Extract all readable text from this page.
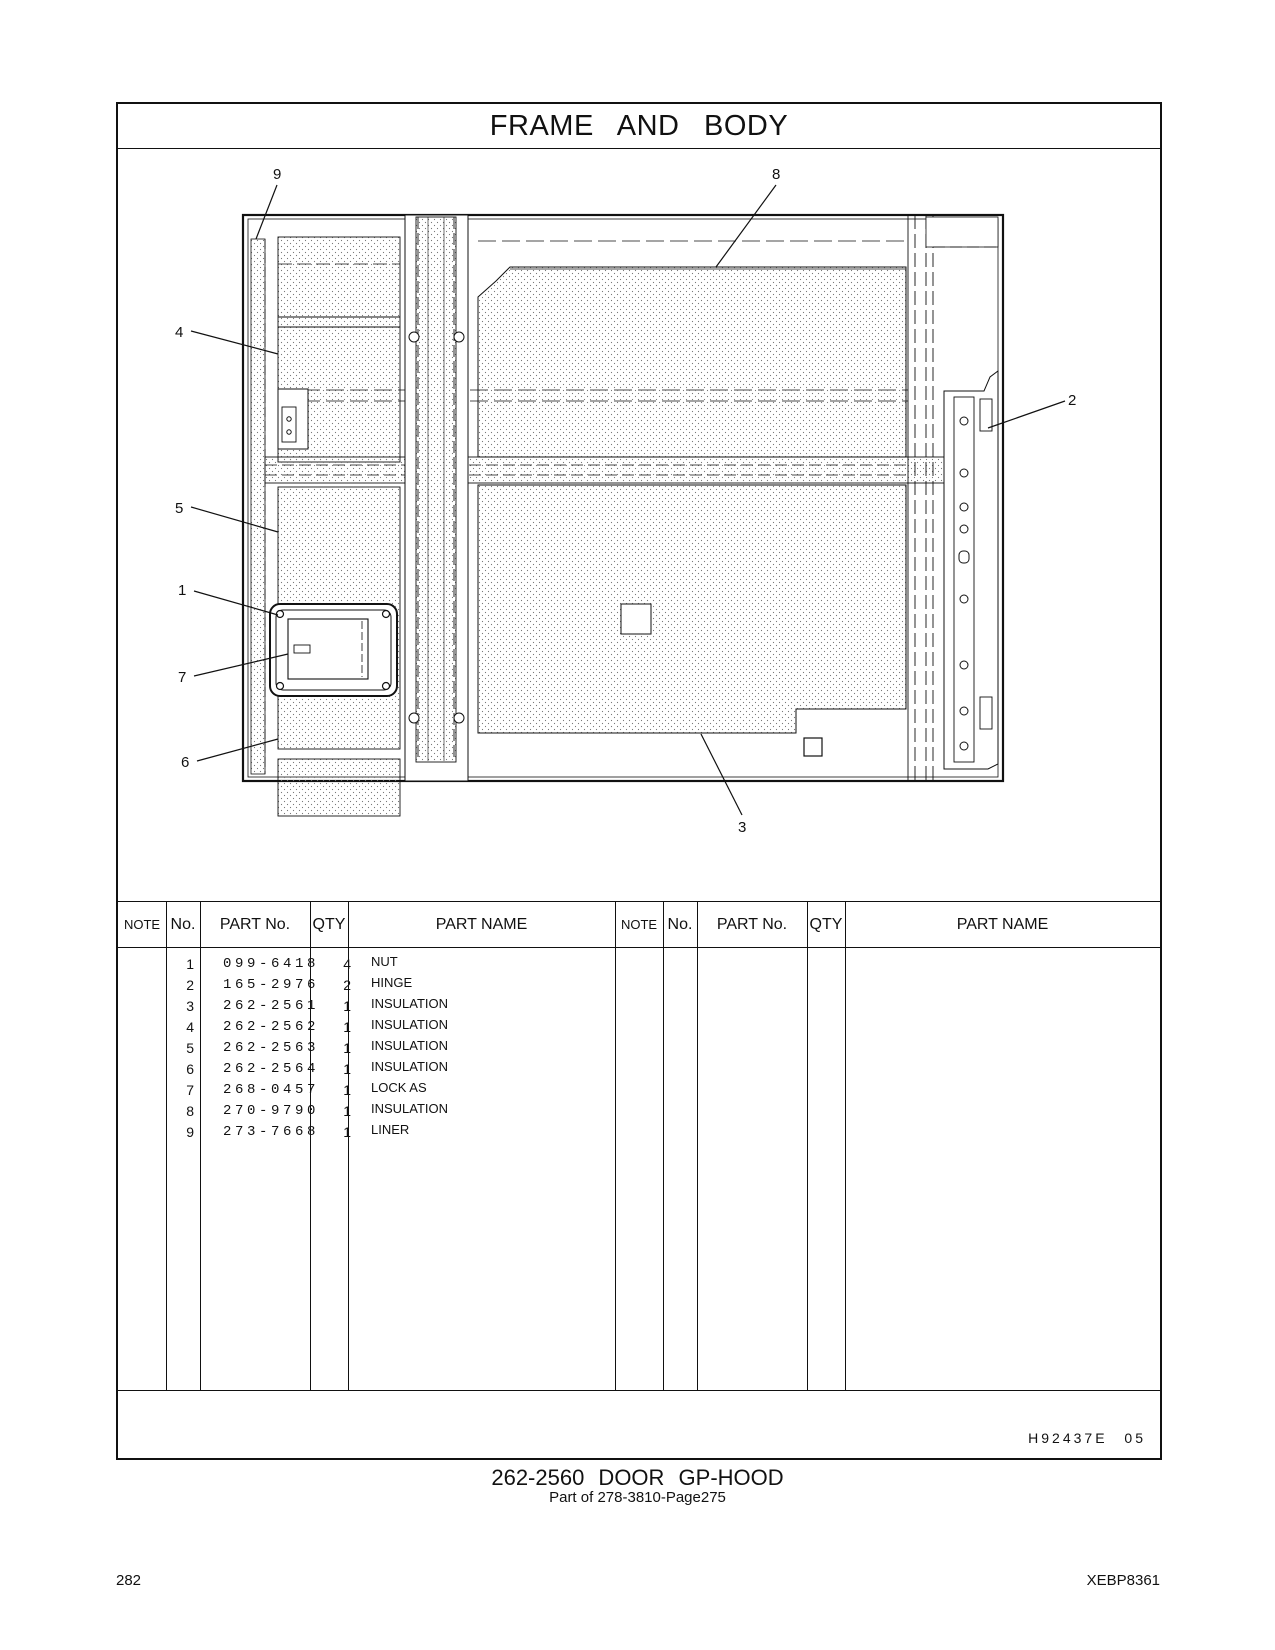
FRAME AND BODY
9	8
4
2
5
1
7
6
3
NOTE No.	PART No.	QTY	PART NAME	NOTE No.	PART No.	QTY	PART NAME
1	099-6418	4 NUT
2	165-2976	2 HINGE
3	262-2561	1 INSULATION
4	262-2562	1 INSULATION
5	262-2563	1 INSULATION
6	262-2564	1 INSULATION
7	268-0457	1 LOCK AS
8	270-9790	1 INSULATION
9	273-7668	1 LINER
H92437E 05
262-2560 DOOR GP-HOOD
Part of 278-3810-Page275
282	XEBP8361
